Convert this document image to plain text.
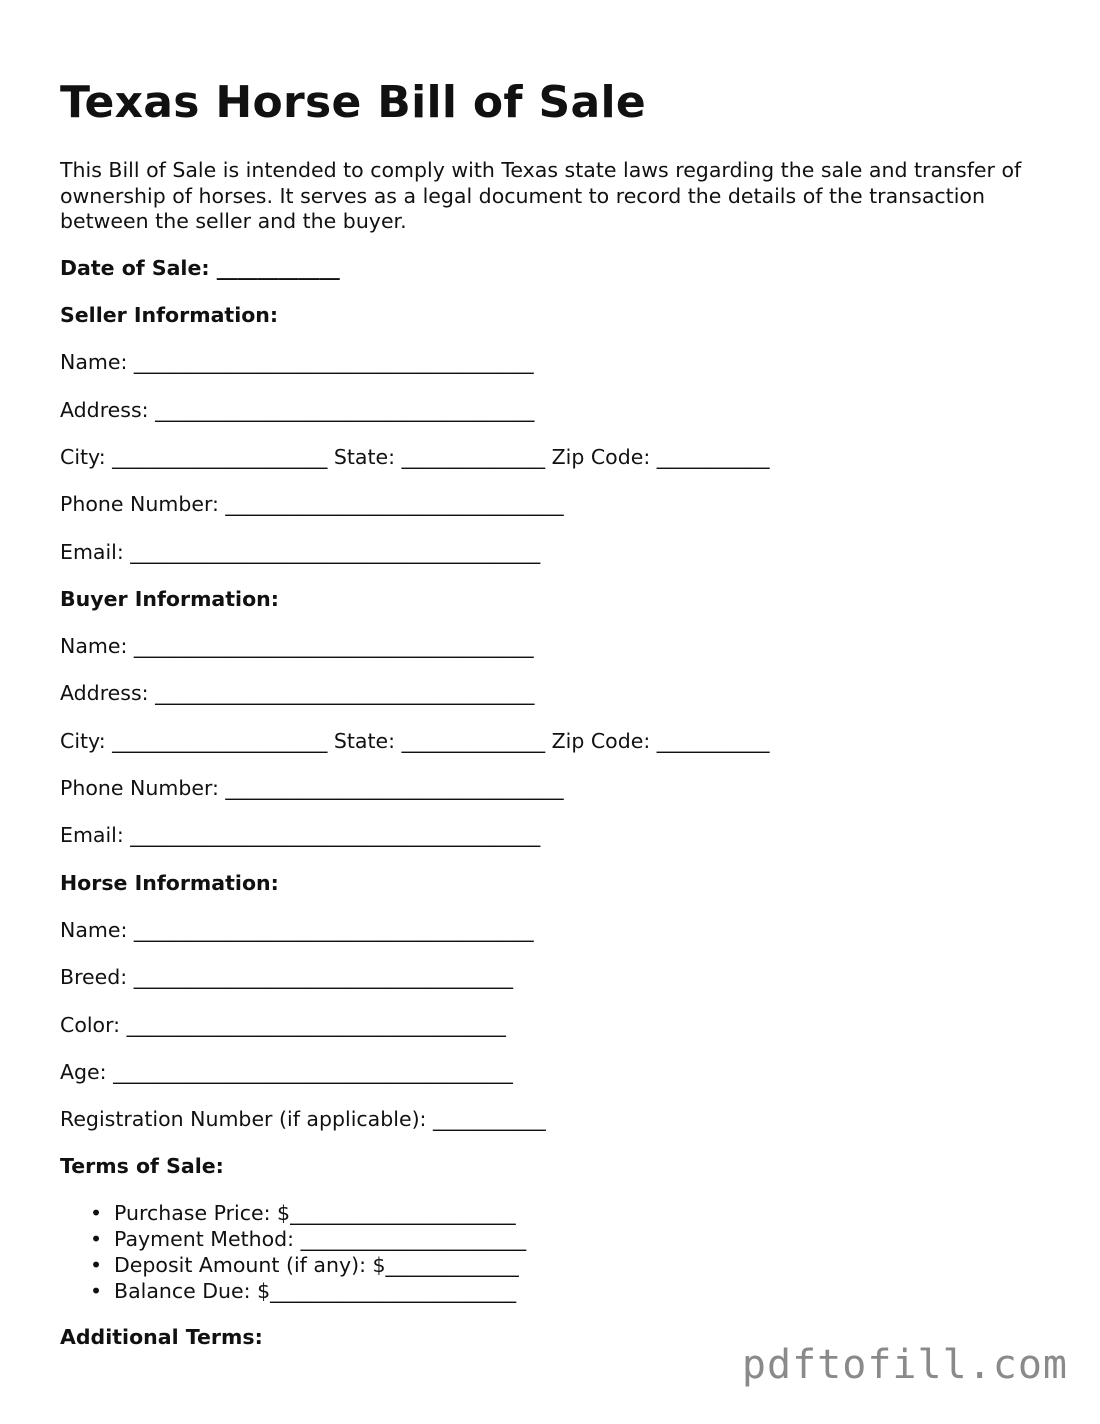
Texas Horse Bill of Sale

This Bill of Sale is intended to comply with Texas state laws regarding the sale and transfer of ownership of horses. It serves as a legal document to record the details of the transaction between the seller and the buyer.

Date of Sale: ____________
Seller Information:
Name: _______________________________________
Address: _____________________________________
City: _____________________ State: ______________ Zip Code: ___________
Phone Number: _________________________________
Email: ________________________________________
Buyer Information:
Name: _______________________________________
Address: _____________________________________
City: _____________________ State: ______________ Zip Code: ___________
Phone Number: _________________________________
Email: ________________________________________
Horse Information:
Name: _______________________________________
Breed: _____________________________________
Color: _____________________________________
Age: _______________________________________
Registration Number (if applicable): ___________
Terms of Sale:
• Purchase Price: $______________________
• Payment Method: ______________________
• Deposit Amount (if any): $_____________
• Balance Due: $________________________
Additional Terms:
pdftofill.com
